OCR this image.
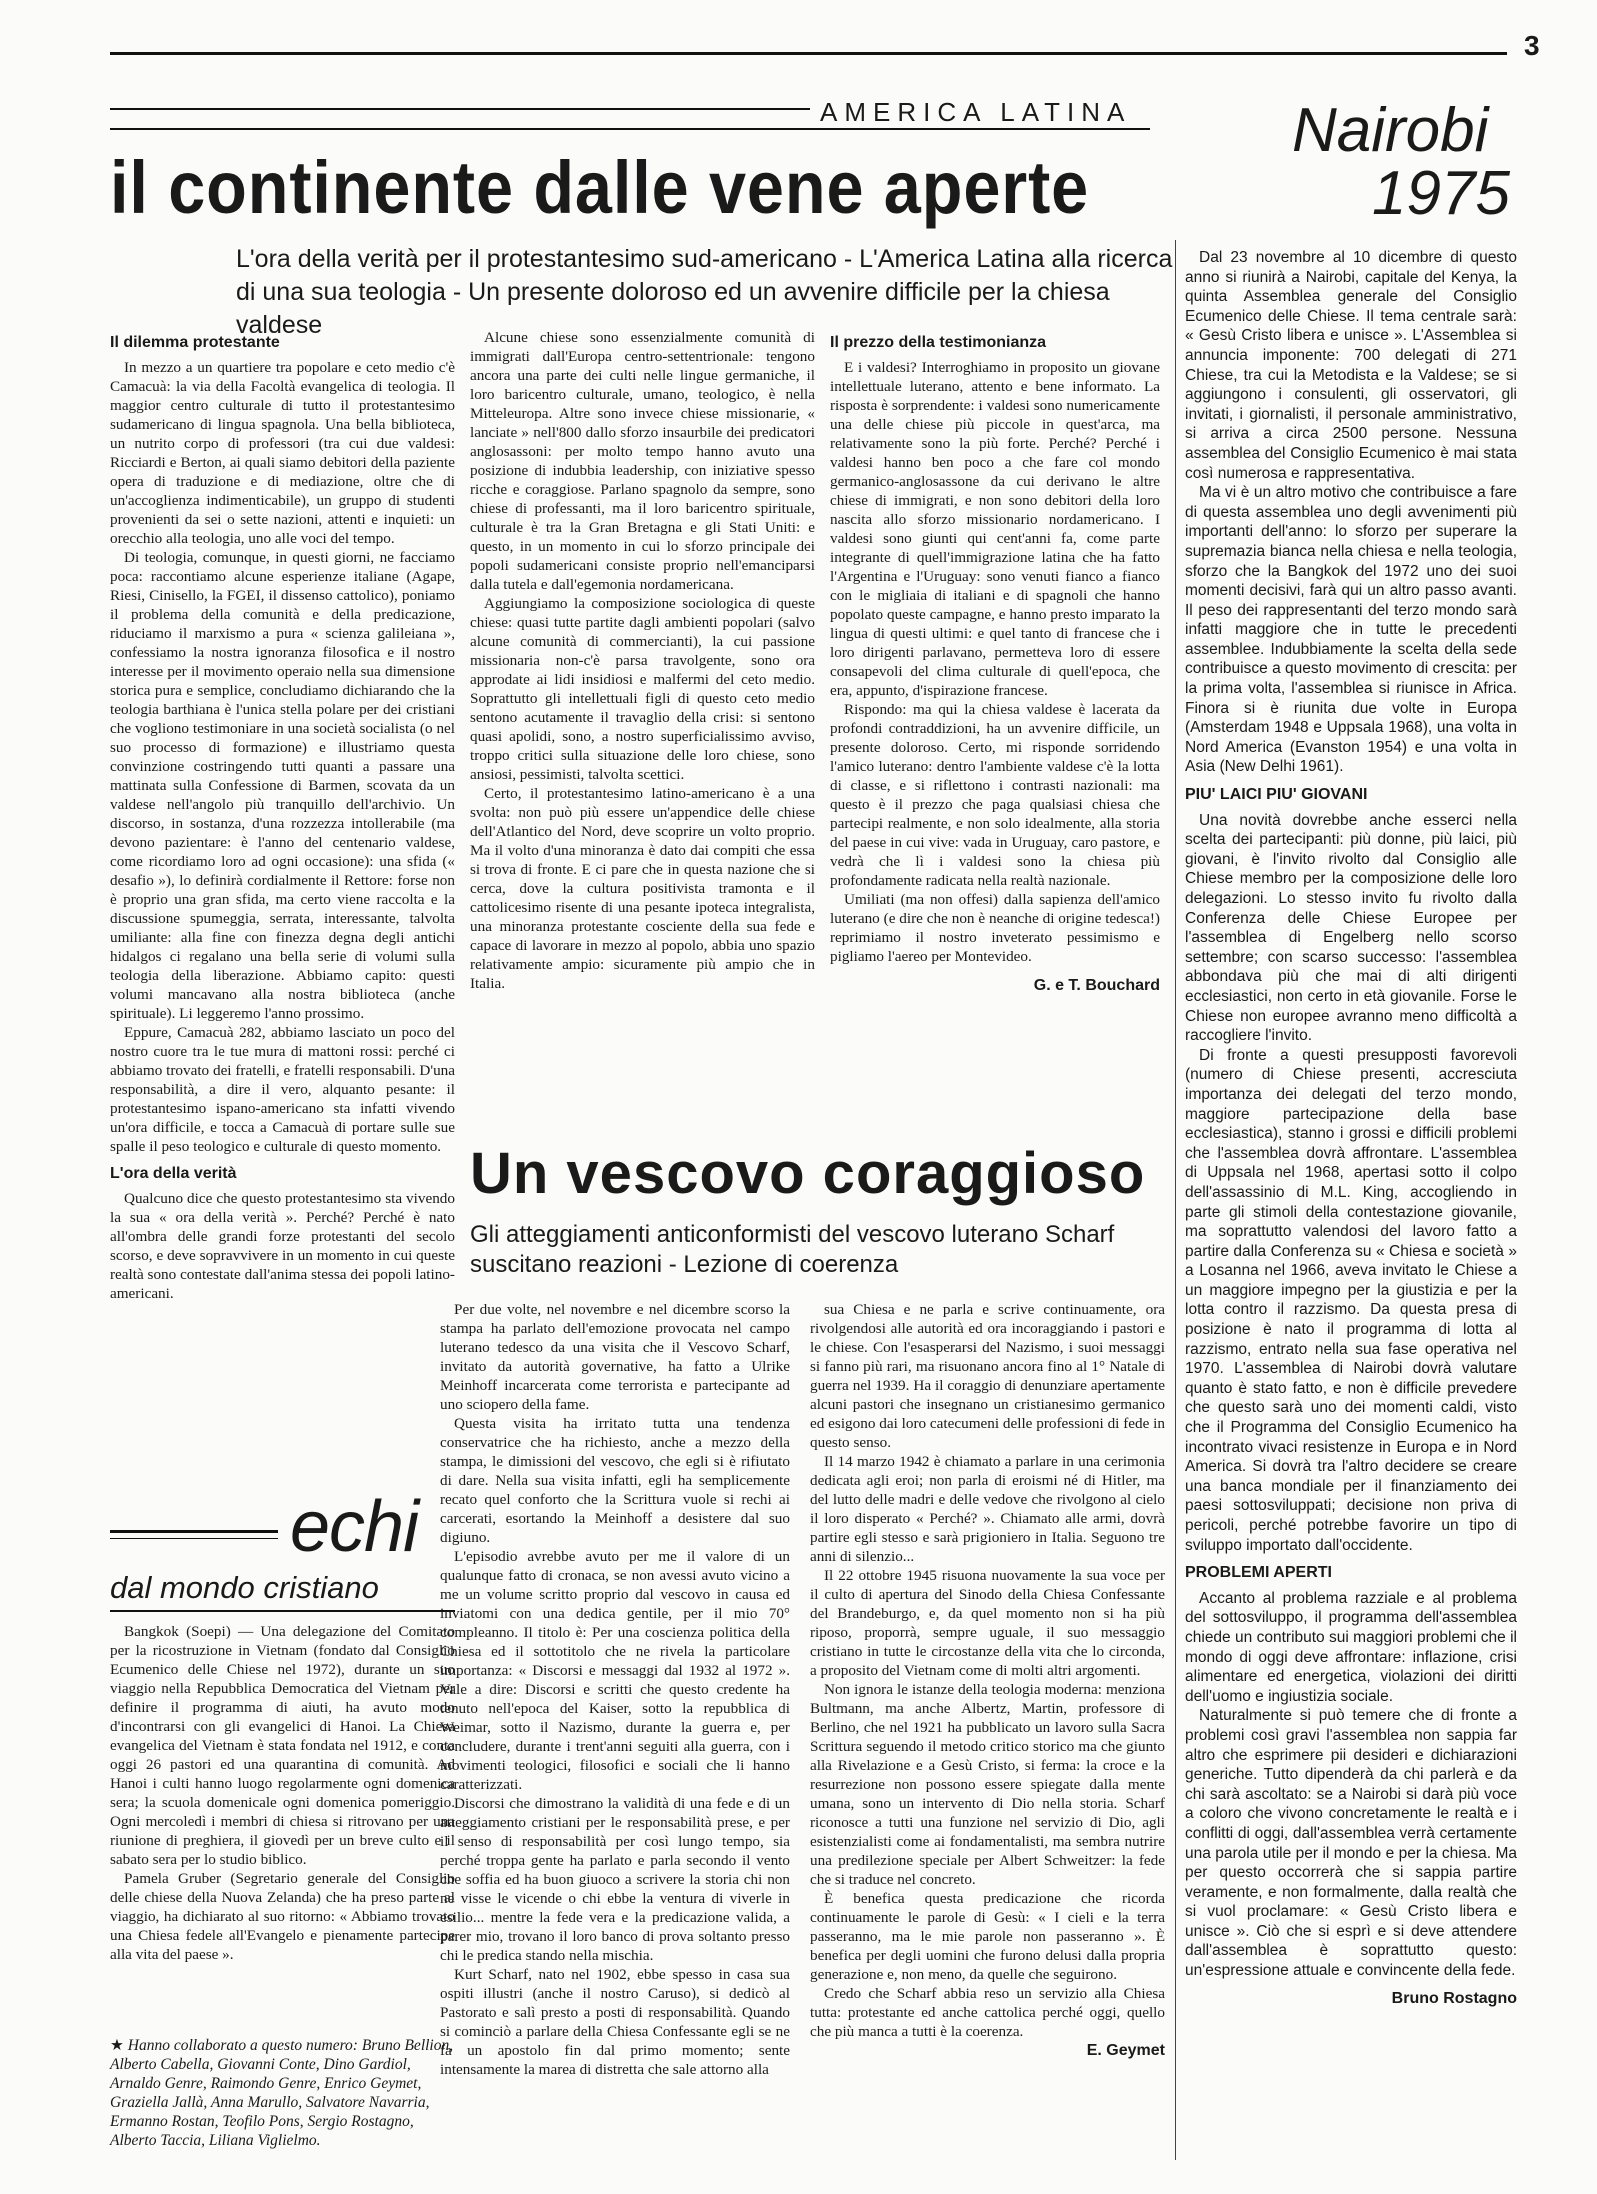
3
AMERICA LATINA
il continente dalle vene aperte
Nairobi
1975
L'ora della verità per il protestantesimo sud-americano - L'America Latina alla ricerca di una sua teologia - Un presente doloroso ed un avvenire difficile per la chiesa valdese
Il dilemma protestante

In mezzo a un quartiere tra popolare e ceto medio c'è Camacuà: la via della Facoltà evangelica di teologia. Il maggior centro culturale di tutto il protestantesimo sudamericano di lingua spagnola. Una bella biblioteca, un nutrito corpo di professori (tra cui due valdesi: Ricciardi e Berton, ai quali siamo debitori della paziente opera di traduzione e di mediazione, oltre che di un'accoglienza indimenticabile), un gruppo di studenti provenienti da sei o sette nazioni, attenti e inquieti: un orecchio alla teologia, uno alle voci del tempo.

Di teologia, comunque, in questi giorni, ne facciamo poca: raccontiamo alcune esperienze italiane (Agape, Riesi, Cinisello, la FGEI, il dissenso cattolico), poniamo il problema della comunità e della predicazione, riduciamo il marxismo a pura « scienza galileiana », confessiamo la nostra ignoranza filosofica e il nostro interesse per il movimento operaio nella sua dimensione storica pura e semplice, concludiamo dichiarando che la teologia barthiana è l'unica stella polare per dei cristiani che vogliono testimoniare in una società socialista (o nel suo processo di formazione) e illustriamo questa convinzione costringendo tutti quanti a passare una mattinata sulla Confessione di Barmen, scovata da un valdese nell'angolo più tranquillo dell'archivio. Un discorso, in sostanza, d'una rozzezza intollerabile (ma devono pazientare: è l'anno del centenario valdese, come ricordiamo loro ad ogni occasione): una sfida (« desafio »), lo definirà cordialmente il Rettore: forse non è proprio una gran sfida, ma certo viene raccolta e la discussione spumeggia, serrata, interessante, talvolta umiliante: alla fine con finezza degna degli antichi hidalgos ci regalano una bella serie di volumi sulla teologia della liberazione. Abbiamo capito: questi volumi mancavano alla nostra biblioteca (anche spirituale). Li leggeremo l'anno prossimo.

Eppure, Camacuà 282, abbiamo lasciato un poco del nostro cuore tra le tue mura di mattoni rossi: perché ci abbiamo trovato dei fratelli, e fratelli responsabili. D'una responsabilità, a dire il vero, alquanto pesante: il protestantesimo ispano-americano sta infatti vivendo un'ora difficile, e tocca a Camacuà di portare sulle sue spalle il peso teologico e culturale di questo momento.

L'ora della verità

Qualcuno dice che questo protestantesimo sta vivendo la sua « ora della verità ». Perché? Perché è nato all'ombra delle grandi forze protestanti del secolo scorso, e deve sopravvivere in un momento in cui queste realtà sono contestate dall'anima stessa dei popoli latino-americani.

Alcune chiese sono essenzialmente comunità di immigrati dall'Europa centro-settentrionale: tengono ancora una parte dei culti nelle lingue germaniche, il loro baricentro culturale, umano, teologico, è nella Mitteleuropa. Altre sono invece chiese missionarie, « lanciate » nell'800 dallo sforzo insaurbile dei predicatori anglosassoni: per molto tempo hanno avuto una posizione di indubbia leadership, con iniziative spesso ricche e coraggiose. Parlano spagnolo da sempre, sono chiese di professanti, ma il loro baricentro spirituale, culturale è tra la Gran Bretagna e gli Stati Uniti: e questo, in un momento in cui lo sforzo principale dei popoli sudamericani consiste proprio nell'emanciparsi dalla tutela e dall'egemonia nordamericana.

Aggiungiamo la composizione sociologica di queste chiese: quasi tutte partite dagli ambienti popolari (salvo alcune comunità di commercianti), la cui passione missionaria non-c'è parsa travolgente, sono ora approdate ai lidi insidiosi e malfermi del ceto medio. Soprattutto gli intellettuali figli di questo ceto medio sentono acutamente il travaglio della crisi: si sentono quasi apolidi, sono, a nostro superficialissimo avviso, troppo critici sulla situazione delle loro chiese, sono ansiosi, pessimisti, talvolta scettici.

Certo, il protestantesimo latino-americano è a una svolta: non può più essere un'appendice delle chiese dell'Atlantico del Nord, deve scoprire un volto proprio. Ma il volto d'una minoranza è dato dai compiti che essa si trova di fronte. E ci pare che in questa nazione che si cerca, dove la cultura positivista tramonta e il cattolicesimo risente di una pesante ipoteca integralista, una minoranza protestante cosciente della sua fede e capace di lavorare in mezzo al popolo, abbia uno spazio relativamente ampio: sicuramente più ampio che in Italia.

Il prezzo della testimonianza

E i valdesi? Interroghiamo in proposito un giovane intellettuale luterano, attento e bene informato. La risposta è sorprendente: i valdesi sono numericamente una delle chiese più piccole in quest'arca, ma relativamente sono la più forte. Perché? Perché i valdesi hanno ben poco a che fare col mondo germanico-anglosassone da cui derivano le altre chiese di immigrati, e non sono debitori della loro nascita allo sforzo missionario nordamericano. I valdesi sono giunti qui cent'anni fa, come parte integrante di quell'immigrazione latina che ha fatto l'Argentina e l'Uruguay: sono venuti fianco a fianco con le migliaia di italiani e di spagnoli che hanno popolato queste campagne, e hanno presto imparato la lingua di questi ultimi: e quel tanto di francese che i loro dirigenti parlavano, permetteva loro di essere consapevoli del clima culturale di quell'epoca, che era, appunto, d'ispirazione francese.

Rispondo: ma qui la chiesa valdese è lacerata da profondi contraddizioni, ha un avvenire difficile, un presente doloroso. Certo, mi risponde sorridendo l'amico luterano: dentro l'ambiente valdese c'è la lotta di classe, e si riflettono i contrasti nazionali: ma questo è il prezzo che paga qualsiasi chiesa che partecipi realmente, e non solo idealmente, alla storia del paese in cui vive: vada in Uruguay, caro pastore, e vedrà che lì i valdesi sono la chiesa più profondamente radicata nella realtà nazionale.

Umiliati (ma non offesi) dalla sapienza dell'amico luterano (e dire che non è neanche di origine tedesca!) reprimiamo il nostro inveterato pessimismo e pigliamo l'aereo per Montevideo.

G. e T. Bouchard
echi
dal mondo cristiano

Bangkok (Soepi) — Una delegazione del Comitato per la ricostruzione in Vietnam (fondato dal Consiglio Ecumenico delle Chiese nel 1972), durante un suo viaggio nella Repubblica Democratica del Vietnam per definire il programma di aiuti, ha avuto modo d'incontrarsi con gli evangelici di Hanoi. La Chiesa evangelica del Vietnam è stata fondata nel 1912, e conta oggi 26 pastori ed una quarantina di comunità. Ad Hanoi i culti hanno luogo regolarmente ogni domenica sera; la scuola domenicale ogni domenica pomeriggio. Ogni mercoledì i membri di chiesa si ritrovano per una riunione di preghiera, il giovedì per un breve culto e il sabato sera per lo studio biblico.

Pamela Gruber (Segretario generale del Consiglio delle chiese della Nuova Zelanda) che ha preso parte al viaggio, ha dichiarato al suo ritorno: « Abbiamo trovato una Chiesa fedele all'Evangelo e pienamente partecipe alla vita del paese ».

★ Hanno collaborato a questo numero: Bruno Bellion, Alberto Cabella, Giovanni Conte, Dino Gardiol, Arnaldo Genre, Raimondo Genre, Enrico Geymet, Graziella Jallà, Anna Marullo, Salvatore Navarria, Ermanno Rostan, Teofilo Pons, Sergio Rostagno, Alberto Taccia, Liliana Viglielmo.
Un vescovo coraggioso
Gli atteggiamenti anticonformisti del vescovo luterano Scharf suscitano reazioni - Lezione di coerenza

Per due volte, nel novembre e nel dicembre scorso la stampa ha parlato dell'emozione provocata nel campo luterano tedesco da una visita che il Vescovo Scharf, invitato da autorità governative, ha fatto a Ulrike Meinhoff incarcerata come terrorista e partecipante ad uno sciopero della fame.

Questa visita ha irritato tutta una tendenza conservatrice che ha richiesto, anche a mezzo della stampa, le dimissioni del vescovo, che egli si è rifiutato di dare. Nella sua visita infatti, egli ha semplicemente recato quel conforto che la Scrittura vuole si rechi ai carcerati, esortando la Meinhoff a desistere dal suo digiuno.

L'episodio avrebbe avuto per me il valore di un qualunque fatto di cronaca, se non avessi avuto vicino a me un volume scritto proprio dal vescovo in causa ed inviatomi con una dedica gentile, per il mio 70° compleanno. Il titolo è: Per una coscienza politica della Chiesa ed il sottotitolo che ne rivela la particolare importanza: « Discorsi e messaggi dal 1932 al 1972 ». Vale a dire: Discorsi e scritti che questo credente ha tenuto nell'epoca del Kaiser, sotto la repubblica di Weimar, sotto il Nazismo, durante la guerra e, per concludere, durante i trent'anni seguiti alla guerra, con i movimenti teologici, filosofici e sociali che li hanno caratterizzati.

Discorsi che dimostrano la validità di una fede e di un atteggiamento cristiani per le responsabilità prese, e per il senso di responsabilità per così lungo tempo, sia perché troppa gente ha parlato e parla secondo il vento che soffia ed ha buon giuoco a scrivere la storia chi non ne visse le vicende o chi ebbe la ventura di viverle in esilio... mentre la fede vera e la predicazione valida, a parer mio, trovano il loro banco di prova soltanto presso chi le predica stando nella mischia.

Kurt Scharf, nato nel 1902, ebbe spesso in casa sua ospiti illustri (anche il nostro Caruso), si dedicò al Pastorato e salì presto a posti di responsabilità. Quando si cominciò a parlare della Chiesa Confessante egli se ne fa un apostolo fin dal primo momento; sente intensamente la marea di distretta che sale attorno alla

sua Chiesa e ne parla e scrive continuamente, ora rivolgendosi alle autorità ed ora incoraggiando i pastori e le chiese. Con l'esasperarsi del Nazismo, i suoi messaggi si fanno più rari, ma risuonano ancora fino al 1° Natale di guerra nel 1939. Ha il coraggio di denunziare apertamente alcuni pastori che insegnano un cristianesimo germanico ed esigono dai loro catecumeni delle professioni di fede in questo senso.

Il 14 marzo 1942 è chiamato a parlare in una cerimonia dedicata agli eroi; non parla di eroismi né di Hitler, ma del lutto delle madri e delle vedove che rivolgono al cielo il loro disperato « Perché? ». Chiamato alle armi, dovrà partire egli stesso e sarà prigioniero in Italia. Seguono tre anni di silenzio...

Il 22 ottobre 1945 risuona nuovamente la sua voce per il culto di apertura del Sinodo della Chiesa Confessante del Brandeburgo, e, da quel momento non si ha più riposo, proporrà, sempre uguale, il suo messaggio cristiano in tutte le circostanze della vita che lo circonda, a proposito del Vietnam come di molti altri argomenti.

Non ignora le istanze della teologia moderna: menziona Bultmann, ma anche Albertz, Martin, professore di Berlino, che nel 1921 ha pubblicato un lavoro sulla Sacra Scrittura seguendo il metodo critico storico ma che giunto alla Rivelazione e a Gesù Cristo, si ferma: la croce e la resurrezione non possono essere spiegate dalla mente umana, sono un intervento di Dio nella storia. Scharf riconosce a tutti una funzione nel servizio di Dio, agli esistenzialisti come ai fondamentalisti, ma sembra nutrire una predilezione speciale per Albert Schweitzer: la fede che si traduce nel concreto.

È benefica questa predicazione che ricorda continuamente le parole di Gesù: « I cieli e la terra passeranno, ma le mie parole non passeranno ». È benefica per degli uomini che furono delusi dalla propria generazione e, non meno, da quelle che seguirono.

Credo che Scharf abbia reso un servizio alla Chiesa tutta: protestante ed anche cattolica perché oggi, quello che più manca a tutti è la coerenza.

E. Geymet

Dal 23 novembre al 10 dicembre di questo anno si riunirà a Nairobi, capitale del Kenya, la quinta Assemblea generale del Consiglio Ecumenico delle Chiese. Il tema centrale sarà: « Gesù Cristo libera e unisce ». L'Assemblea si annuncia imponente: 700 delegati di 271 Chiese, tra cui la Metodista e la Valdese; se si aggiungono i consulenti, gli osservatori, gli invitati, i giornalisti, il personale amministrativo, si arriva a circa 2500 persone. Nessuna assemblea del Consiglio Ecumenico è mai stata così numerosa e rappresentativa.

Ma vi è un altro motivo che contribuisce a fare di questa assemblea uno degli avvenimenti più importanti dell'anno: lo sforzo per superare la supremazia bianca nella chiesa e nella teologia, sforzo che la Bangkok del 1972 uno dei suoi momenti decisivi, farà qui un altro passo avanti. Il peso dei rappresentanti del terzo mondo sarà infatti maggiore che in tutte le precedenti assemblee. Indubbiamente la scelta della sede contribuisce a questo movimento di crescita: per la prima volta, l'assemblea si riunisce in Africa. Finora si è riunita due volte in Europa (Amsterdam 1948 e Uppsala 1968), una volta in Nord America (Evanston 1954) e una volta in Asia (New Delhi 1961).

PIU' LAICI PIU' GIOVANI

Una novità dovrebbe anche esserci nella scelta dei partecipanti: più donne, più laici, più giovani, è l'invito rivolto dal Consiglio alle Chiese membro per la composizione delle loro delegazioni. Lo stesso invito fu rivolto dalla Conferenza delle Chiese Europee per l'assemblea di Engelberg nello scorso settembre; con scarso successo: l'assemblea abbondava più che mai di alti dirigenti ecclesiastici, non certo in età giovanile. Forse le Chiese non europee avranno meno difficoltà a raccogliere l'invito.

Di fronte a questi presupposti favorevoli (numero di Chiese presenti, accresciuta importanza dei delegati del terzo mondo, maggiore partecipazione della base ecclesiastica), stanno i grossi e difficili problemi che l'assemblea dovrà affrontare. L'assemblea di Uppsala nel 1968, apertasi sotto il colpo dell'assassinio di M.L. King, accogliendo in parte gli stimoli della contestazione giovanile, ma soprattutto valendosi del lavoro fatto a partire dalla Conferenza su « Chiesa e società » a Losanna nel 1966, aveva invitato le Chiese a un maggiore impegno per la giustizia e per la lotta contro il razzismo. Da questa presa di posizione è nato il programma di lotta al razzismo, entrato nella sua fase operativa nel 1970. L'assemblea di Nairobi dovrà valutare quanto è stato fatto, e non è difficile prevedere che questo sarà uno dei momenti caldi, visto che il Programma del Consiglio Ecumenico ha incontrato vivaci resistenze in Europa e in Nord America. Si dovrà tra l'altro decidere se creare una banca mondiale per il finanziamento dei paesi sottosviluppati; decisione non priva di pericoli, perché potrebbe favorire un tipo di sviluppo importato dall'occidente.

PROBLEMI APERTI

Accanto al problema razziale e al problema del sottosviluppo, il programma dell'assemblea chiede un contributo sui maggiori problemi che il mondo di oggi deve affrontare: inflazione, crisi alimentare ed energetica, violazioni dei diritti dell'uomo e ingiustizia sociale.

Naturalmente si può temere che di fronte a problemi così gravi l'assemblea non sappia far altro che esprimere pii desideri e dichiarazioni generiche. Tutto dipenderà da chi parlerà e da chi sarà ascoltato: se a Nairobi si darà più voce a coloro che vivono concretamente le realtà e i conflitti di oggi, dall'assemblea verrà certamente una parola utile per il mondo e per la chiesa. Ma per questo occorrerà che si sappia partire veramente, e non formalmente, dalla realtà che si vuol proclamare: « Gesù Cristo libera e unisce ». Ciò che si esprì e si deve attendere dall'assemblea è soprattutto questo: un'espressione attuale e convincente della fede.

Bruno Rostagno
